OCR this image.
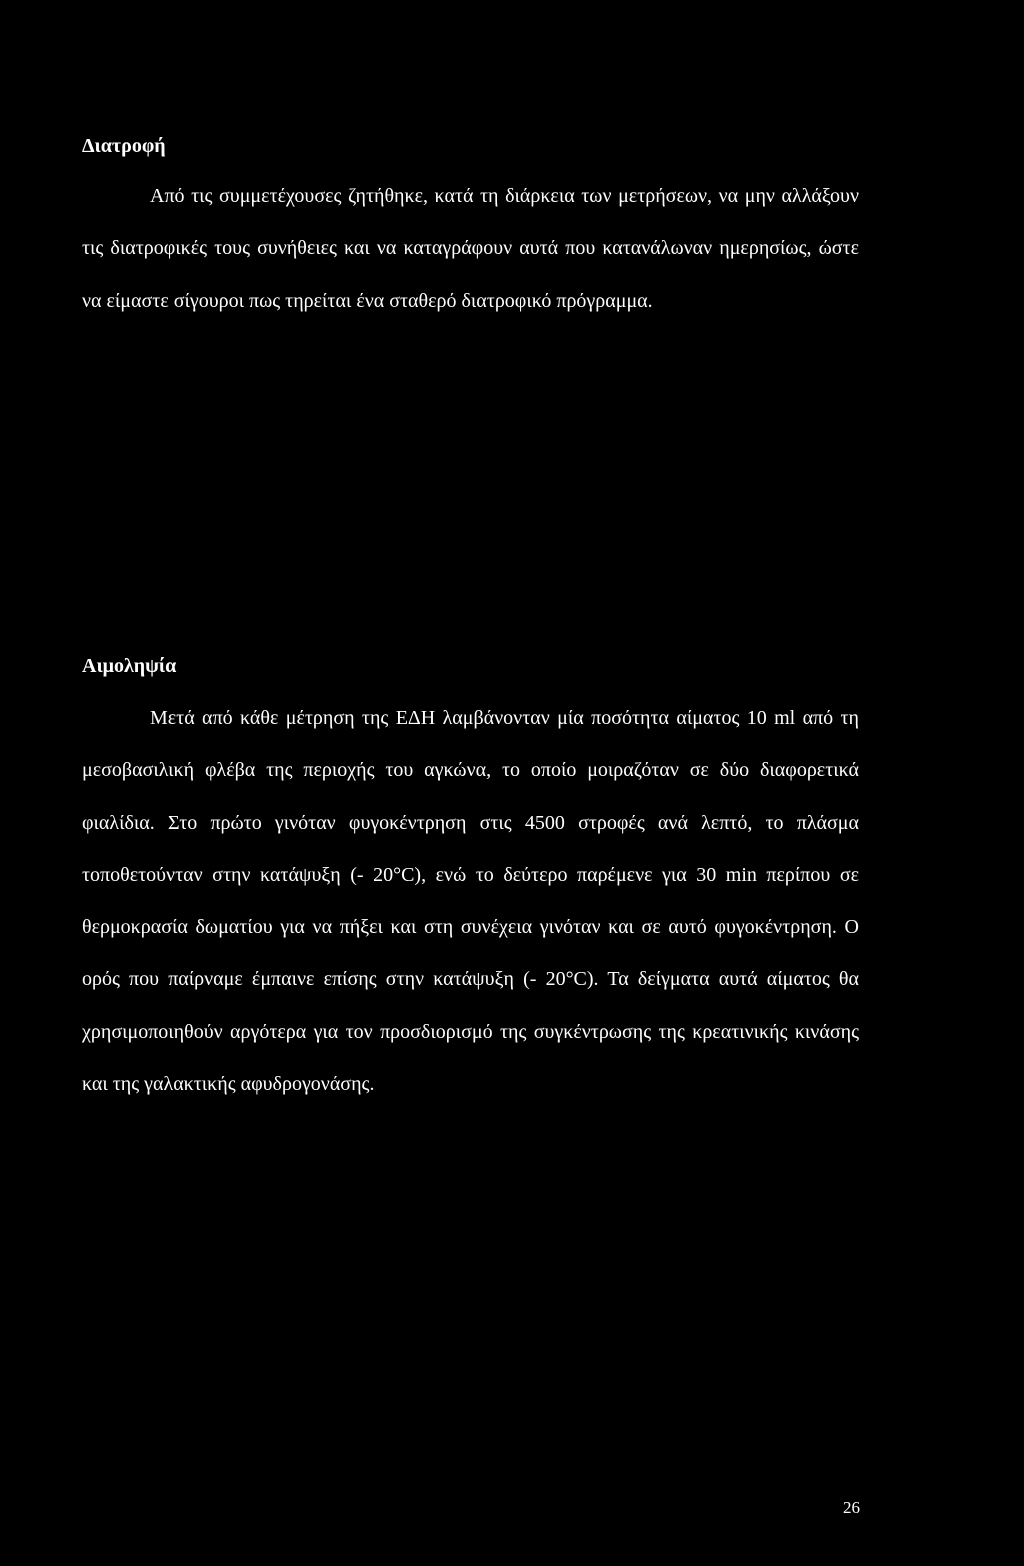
Διατροφή

Από τις συμμετέχουσες ζητήθηκε, κατά τη διάρκεια των μετρήσεων, να μην αλλάξουν τις διατροφικές τους συνήθειες και να καταγράφουν αυτά που κατανάλωναν ημερησίως, ώστε να είμαστε σίγουροι πως τηρείται ένα σταθερό διατροφικό πρόγραμμα.

Αιμοληψία

Μετά από κάθε μέτρηση της ΕΔΗ λαμβάνονταν μία ποσότητα αίματος 10 ml από τη μεσοβασιλική φλέβα της περιοχής του αγκώνα, το οποίο μοιραζόταν σε δύο διαφορετικά φιαλίδια. Στο πρώτο γινόταν φυγοκέντρηση στις 4500 στροφές ανά λεπτό, το πλάσμα τοποθετούνταν στην κατάψυξη (- 20°C), ενώ το δεύτερο παρέμενε για 30 min περίπου σε θερμοκρασία δωματίου για να πήξει και στη συνέχεια γινόταν και σε αυτό φυγοκέντρηση. Ο ορός που παίρναμε έμπαινε επίσης στην κατάψυξη (- 20°C). Τα δείγματα αυτά αίματος θα χρησιμοποιηθούν αργότερα για τον προσδιορισμό της συγκέντρωσης της κρεατινικής κινάσης και της γαλακτικής αφυδρογονάσης.

26
